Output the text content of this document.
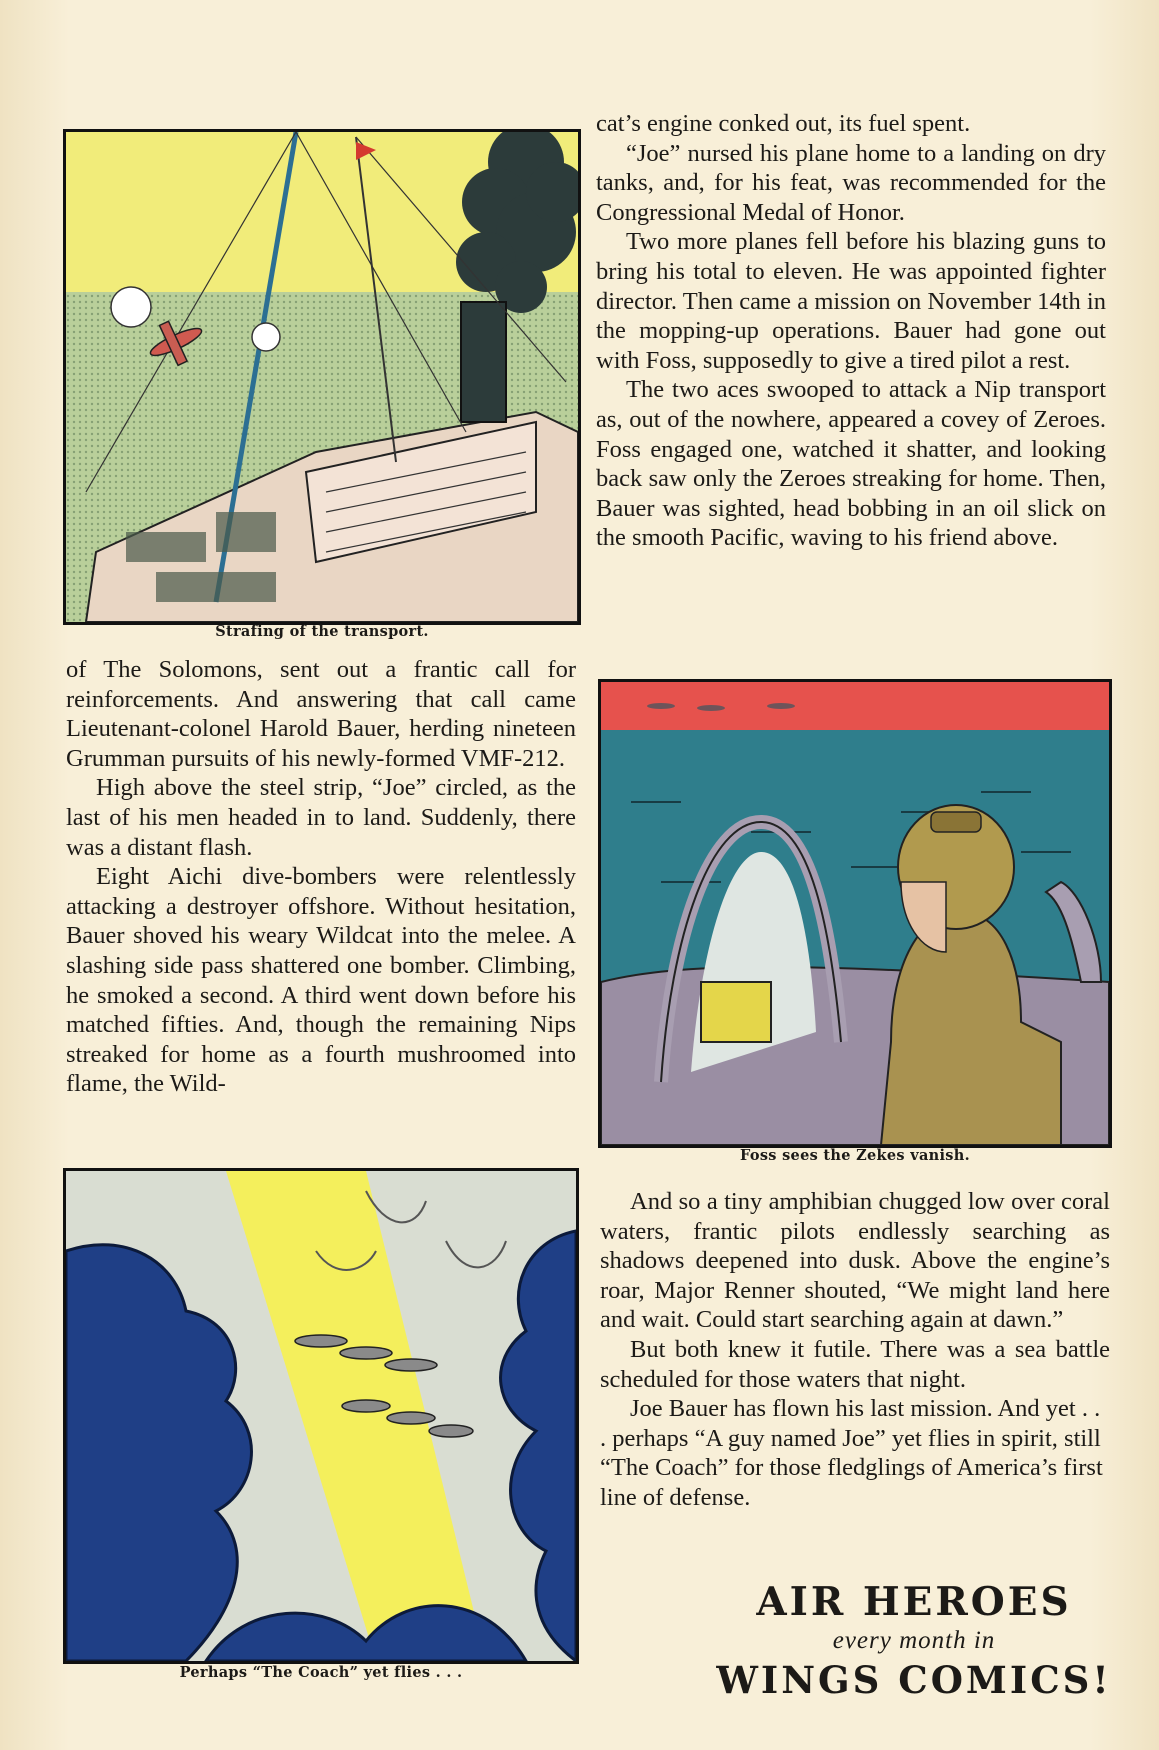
Strafing of the transport.

of The Solomons, sent out a frantic call for reinforcements. And answering that call came Lieutenant-colonel Harold Bauer, herding nineteen Grumman pursuits of his newly-formed VMF-212.

High above the steel strip, “Joe” circled, as the last of his men headed in to land. Suddenly, there was a distant flash.

Eight Aichi dive-bombers were relentlessly attacking a destroyer offshore. Without hesitation, Bauer shoved his weary Wildcat into the melee. A slashing side pass shattered one bomber. Climbing, he smoked a second. A third went down before his matched fifties. And, though the remaining Nips streaked for home as a fourth mushroomed into flame, the Wild-

Perhaps “The Coach” yet flies . . .

cat’s engine conked out, its fuel spent.

“Joe” nursed his plane home to a landing on dry tanks, and, for his feat, was recommended for the Congressional Medal of Honor.

Two more planes fell before his blazing guns to bring his total to eleven. He was appointed fighter director. Then came a mission on November 14th in the mopping-up operations. Bauer had gone out with Foss, supposedly to give a tired pilot a rest.

The two aces swooped to attack a Nip transport as, out of the nowhere, appeared a covey of Zeroes. Foss engaged one, watched it shatter, and looking back saw only the Zeroes streaking for home. Then, Bauer was sighted, head bobbing in an oil slick on the smooth Pacific, waving to his friend above.

Foss sees the Zekes vanish.

And so a tiny amphibian chugged low over coral waters, frantic pilots endlessly searching as shadows deepened into dusk. Above the engine’s roar, Major Renner shouted, “We might land here and wait. Could start searching again at dawn.”

But both knew it futile. There was a sea battle scheduled for those waters that night.

Joe Bauer has flown his last mission. And yet . . . perhaps “A guy named Joe” yet flies in spirit, still “The Coach” for those fledglings of America’s first line of defense.

AIR HEROES
every month in
WINGS COMICS!
